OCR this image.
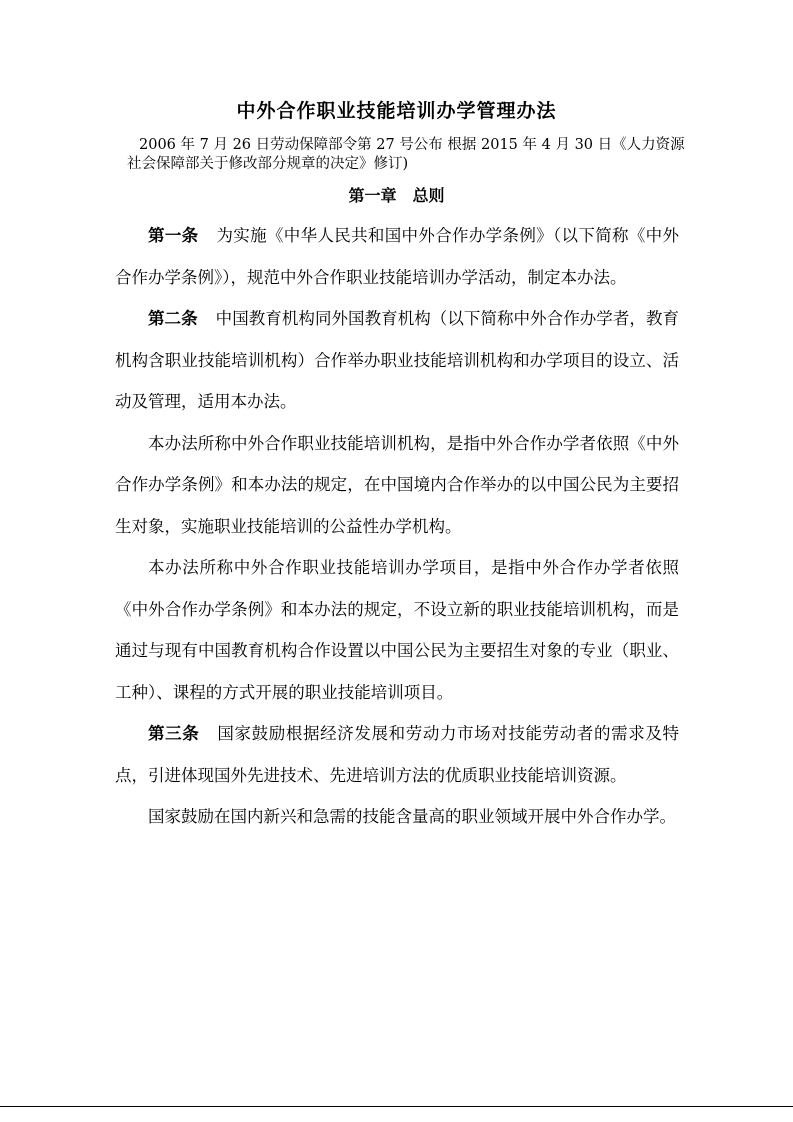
中外合作职业技能培训办学管理办法
2006 年 7 月 26 日劳动保障部令第 27 号公布 根据 2015 年 4 月 30 日《人力资源社会保障部关于修改部分规章的决定》修订)
第一章　总则

第一条 为实施《中华人民共和国中外合作办学条例》（以下简称《中外合作办学条例》），规范中外合作职业技能培训办学活动，制定本办法。

第二条 中国教育机构同外国教育机构（以下简称中外合作办学者，教育机构含职业技能培训机构）合作举办职业技能培训机构和办学项目的设立、活动及管理，适用本办法。

本办法所称中外合作职业技能培训机构，是指中外合作办学者依照《中外合作办学条例》和本办法的规定，在中国境内合作举办的以中国公民为主要招生对象，实施职业技能培训的公益性办学机构。

本办法所称中外合作职业技能培训办学项目，是指中外合作办学者依照《中外合作办学条例》和本办法的规定，不设立新的职业技能培训机构，而是通过与现有中国教育机构合作设置以中国公民为主要招生对象的专业（职业、工种）、课程的方式开展的职业技能培训项目。

第三条 国家鼓励根据经济发展和劳动力市场对技能劳动者的需求及特点，引进体现国外先进技术、先进培训方法的优质职业技能培训资源。

国家鼓励在国内新兴和急需的技能含量高的职业领域开展中外合作办学。
